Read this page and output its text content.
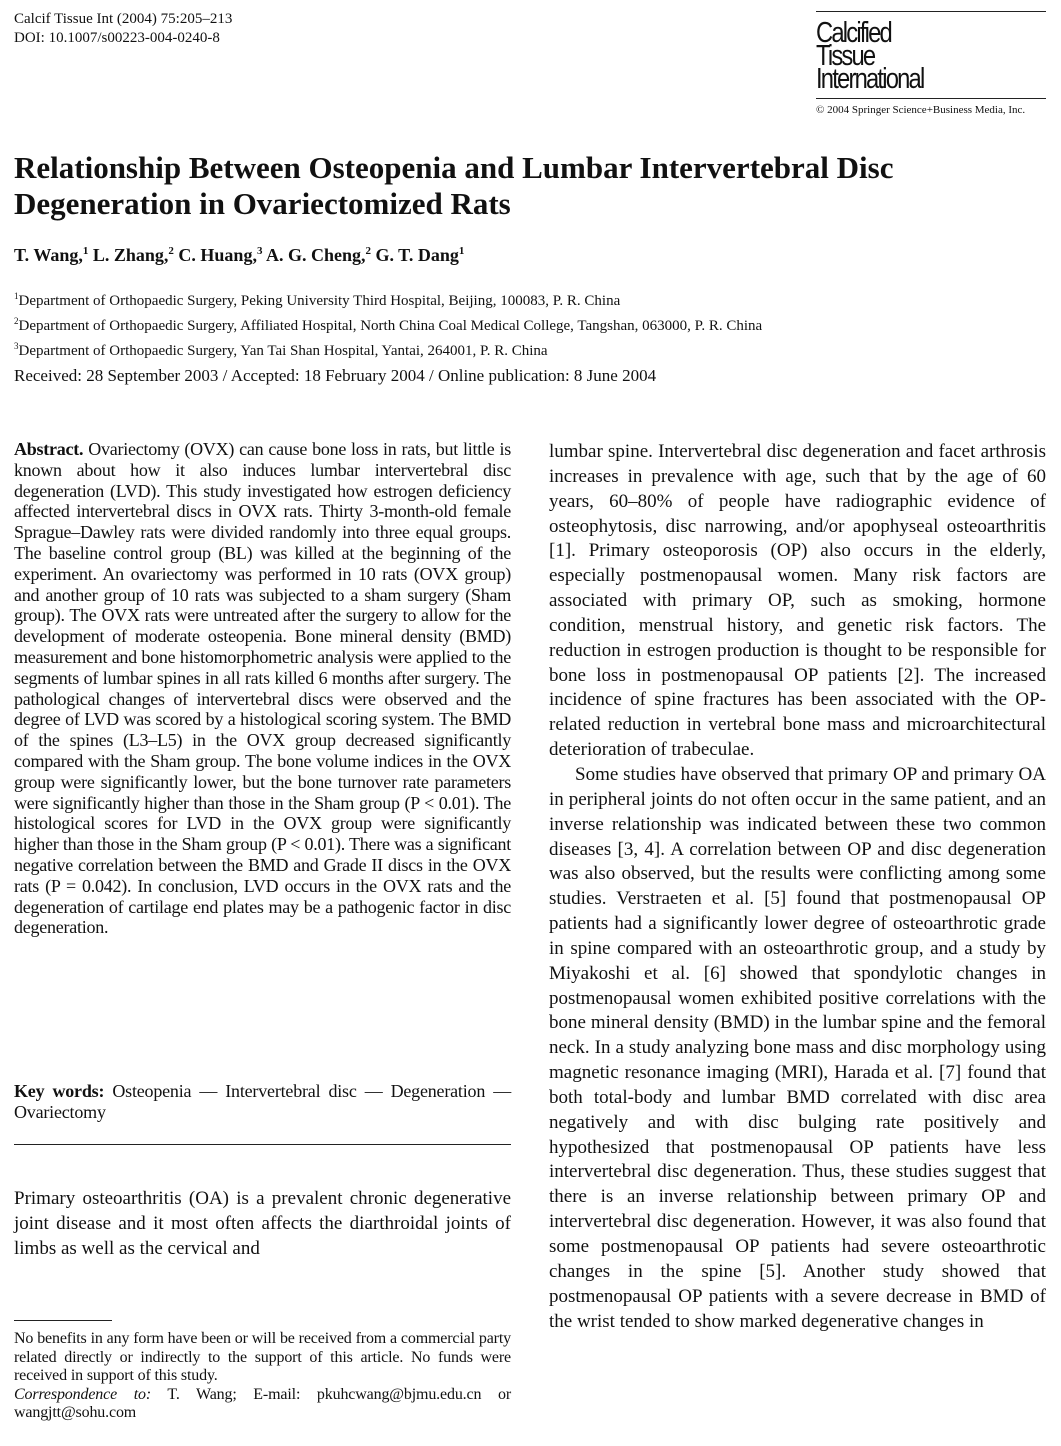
Calcif Tissue Int (2004) 75:205–213
DOI: 10.1007/s00223-004-0240-8	Calcified
Tissue
International
© 2004 Springer Science+Business Media, Inc.
Relationship Between Osteopenia and Lumbar Intervertebral Disc
Degeneration in Ovariectomized Rats
T. Wang,$^1$ L. Zhang,$^2$ C. Huang,$^3$ A. G. Cheng,$^2$ G. T. Dang$^1$
$^1$Department of Orthopaedic Surgery, Peking University Third Hospital, Beijing, 100083, P. R. China
$^2$Department of Orthopaedic Surgery, Affiliated Hospital, North China Coal Medical College, Tangshan, 063000, P. R. China
$^3$Department of Orthopaedic Surgery, Yan Tai Shan Hospital, Yantai, 264001, P. R. China
Received: 28 September 2003 / Accepted: 18 February 2004 / Online publication: 8 June 2004
Abstract. Ovariectomy (OVX) can cause bone loss in rats, but little is known about how it also induces lumbar intervertebral disc degeneration (LVD). This study investigated how estrogen deficiency affected intervertebral discs in OVX rats. Thirty 3-month-old female Sprague–Dawley rats were divided randomly into three equal groups. The baseline control group (BL) was killed at the beginning of the experiment. An ovariectomy was performed in 10 rats (OVX group) and another group of 10 rats was subjected to a sham surgery (Sham group). The OVX rats were untreated after the surgery to allow for the development of moderate osteopenia. Bone mineral density (BMD) measurement and bone histomorphometric analysis were applied to the segments of lumbar spines in all rats killed 6 months after surgery. The pathological changes of intervertebral discs were observed and the degree of LVD was scored by a histological scoring system. The BMD of the spines (L3–L5) in the OVX group decreased significantly compared with the Sham group. The bone volume indices in the OVX group were significantly lower, but the bone turnover rate parameters were significantly higher than those in the Sham group (P < 0.01). The histological scores for LVD in the OVX group were significantly higher than those in the Sham group (P < 0.01). There was a significant negative correlation between the BMD and Grade II discs in the OVX rats (P = 0.042). In conclusion, LVD occurs in the OVX rats and the degeneration of cartilage end plates may be a pathogenic factor in disc degeneration.
Key words: Osteopenia — Intervertebral disc — Degeneration — Ovariectomy
Primary osteoarthritis (OA) is a prevalent chronic degenerative joint disease and it most often affects the diarthroidal joints of limbs as well as the cervical and

No benefits in any form have been or will be received from a commercial party related directly or indirectly to the support of this article. No funds were received in support of this study.

Correspondence to: T. Wang; E-mail: pkuhcwang@bjmu.edu.cn or wangjtt@sohu.com

lumbar spine. Intervertebral disc degeneration and facet arthrosis increases in prevalence with age, such that by the age of 60 years, 60–80% of people have radiographic evidence of osteophytosis, disc narrowing, and/or apophyseal osteoarthritis [1]. Primary osteoporosis (OP) also occurs in the elderly, especially postmenopausal women. Many risk factors are associated with primary OP, such as smoking, hormone condition, menstrual history, and genetic risk factors. The reduction in estrogen production is thought to be responsible for bone loss in postmenopausal OP patients [2]. The increased incidence of spine fractures has been associated with the OP-related reduction in vertebral bone mass and microarchitectural deterioration of trabeculae.

Some studies have observed that primary OP and primary OA in peripheral joints do not often occur in the same patient, and an inverse relationship was indicated between these two common diseases [3, 4]. A correlation between OP and disc degeneration was also observed, but the results were conflicting among some studies. Verstraeten et al. [5] found that postmenopausal OP patients had a significantly lower degree of osteoarthrotic grade in spine compared with an osteoarthrotic group, and a study by Miyakoshi et al. [6] showed that spondylotic changes in postmenopausal women exhibited positive correlations with the bone mineral density (BMD) in the lumbar spine and the femoral neck. In a study analyzing bone mass and disc morphology using magnetic resonance imaging (MRI), Harada et al. [7] found that both total-body and lumbar BMD correlated with disc area negatively and with disc bulging rate positively and hypothesized that postmenopausal OP patients have less intervertebral disc degeneration. Thus, these studies suggest that there is an inverse relationship between primary OP and intervertebral disc degeneration. However, it was also found that some postmenopausal OP patients had severe osteoarthrotic changes in the spine [5]. Another study showed that postmenopausal OP patients with a severe decrease in BMD of the wrist tended to show marked degenerative changes in
